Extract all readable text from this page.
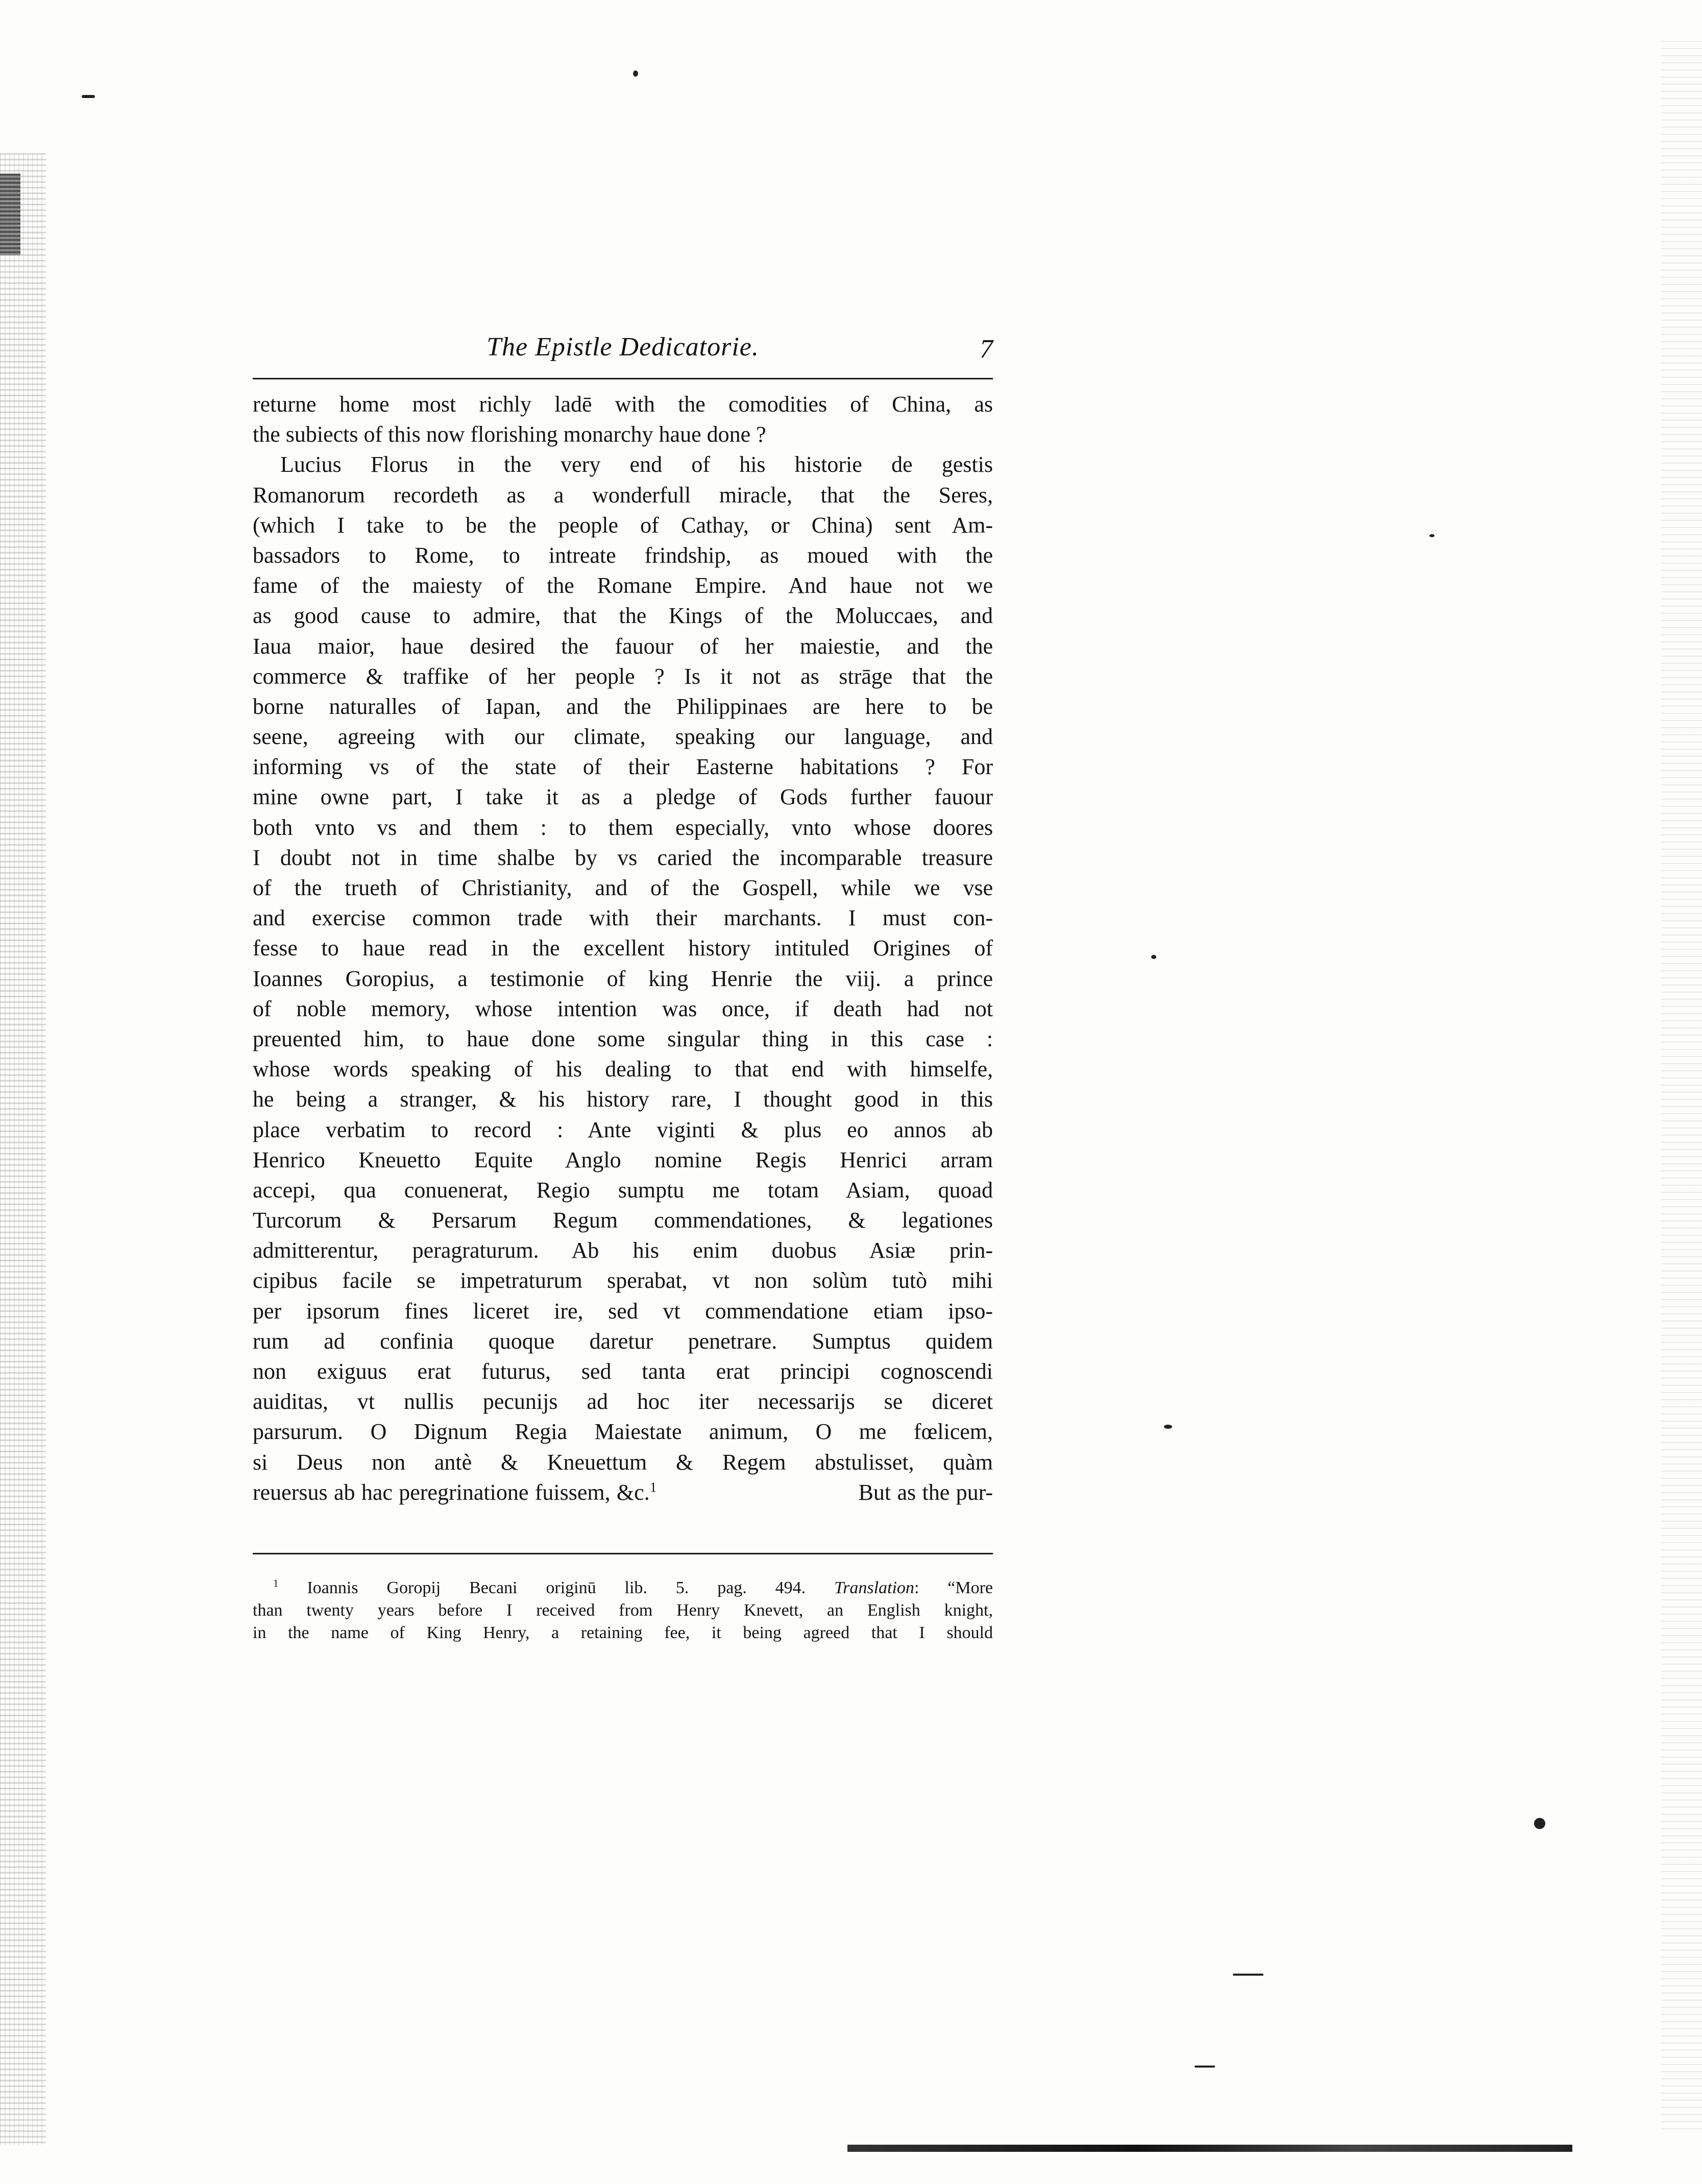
The Epistle Dedicatorie.	7
returne home most richly ladē with the comodities of China, as
the subiects of this now florishing monarchy haue done ?
Lucius Florus in the very end of his historie de gestis
Romanorum recordeth as a wonderfull miracle, that the Seres,
(which I take to be the people of Cathay, or China) sent Am-
bassadors to Rome, to intreate frindship, as moued with the
fame of the maiesty of the Romane Empire. And haue not we
as good cause to admire, that the Kings of the Moluccaes, and
Iaua maior, haue desired the fauour of her maiestie, and the
commerce & traffike of her people ? Is it not as strāge that the
borne naturalles of Iapan, and the Philippinaes are here to be
seene, agreeing with our climate, speaking our language, and
informing vs of the state of their Easterne habitations ? For
mine owne part, I take it as a pledge of Gods further fauour
both vnto vs and them : to them especially, vnto whose doores
I doubt not in time shalbe by vs caried the incomparable treasure
of the trueth of Christianity, and of the Gospell, while we vse
and exercise common trade with their marchants. I must con-
fesse to haue read in the excellent history intituled Origines of
Ioannes Goropius, a testimonie of king Henrie the viij. a prince
of noble memory, whose intention was once, if death had not
preuented him, to haue done some singular thing in this case :
whose words speaking of his dealing to that end with himselfe,
he being a stranger, & his history rare, I thought good in this
place verbatim to record : Ante viginti & plus eo annos ab
Henrico Kneuetto Equite Anglo nomine Regis Henrici arram
accepi, qua conuenerat, Regio sumptu me totam Asiam, quoad
Turcorum & Persarum Regum commendationes, & legationes
admitterentur, peragraturum. Ab his enim duobus Asiæ prin-
cipibus facile se impetraturum sperabat, vt non solùm tutò mihi
per ipsorum fines liceret ire, sed vt commendatione etiam ipso-
rum ad confinia quoque daretur penetrare. Sumptus quidem
non exiguus erat futurus, sed tanta erat principi cognoscendi
auiditas, vt nullis pecunijs ad hoc iter necessarijs se diceret
parsurum. O Dignum Regia Maiestate animum, O me fœlicem,
si Deus non antè & Kneuettum & Regem abstulisset, quàm
reuersus ab hac peregrinatione fuissem, &c.$^1$	But as the pur-
$^1$ Ioannis Goropij Becani originū lib. 5. pag. 494. Translation: “More
than twenty years before I received from Henry Knevett, an English knight,
in the name of King Henry, a retaining fee, it being agreed that I should
